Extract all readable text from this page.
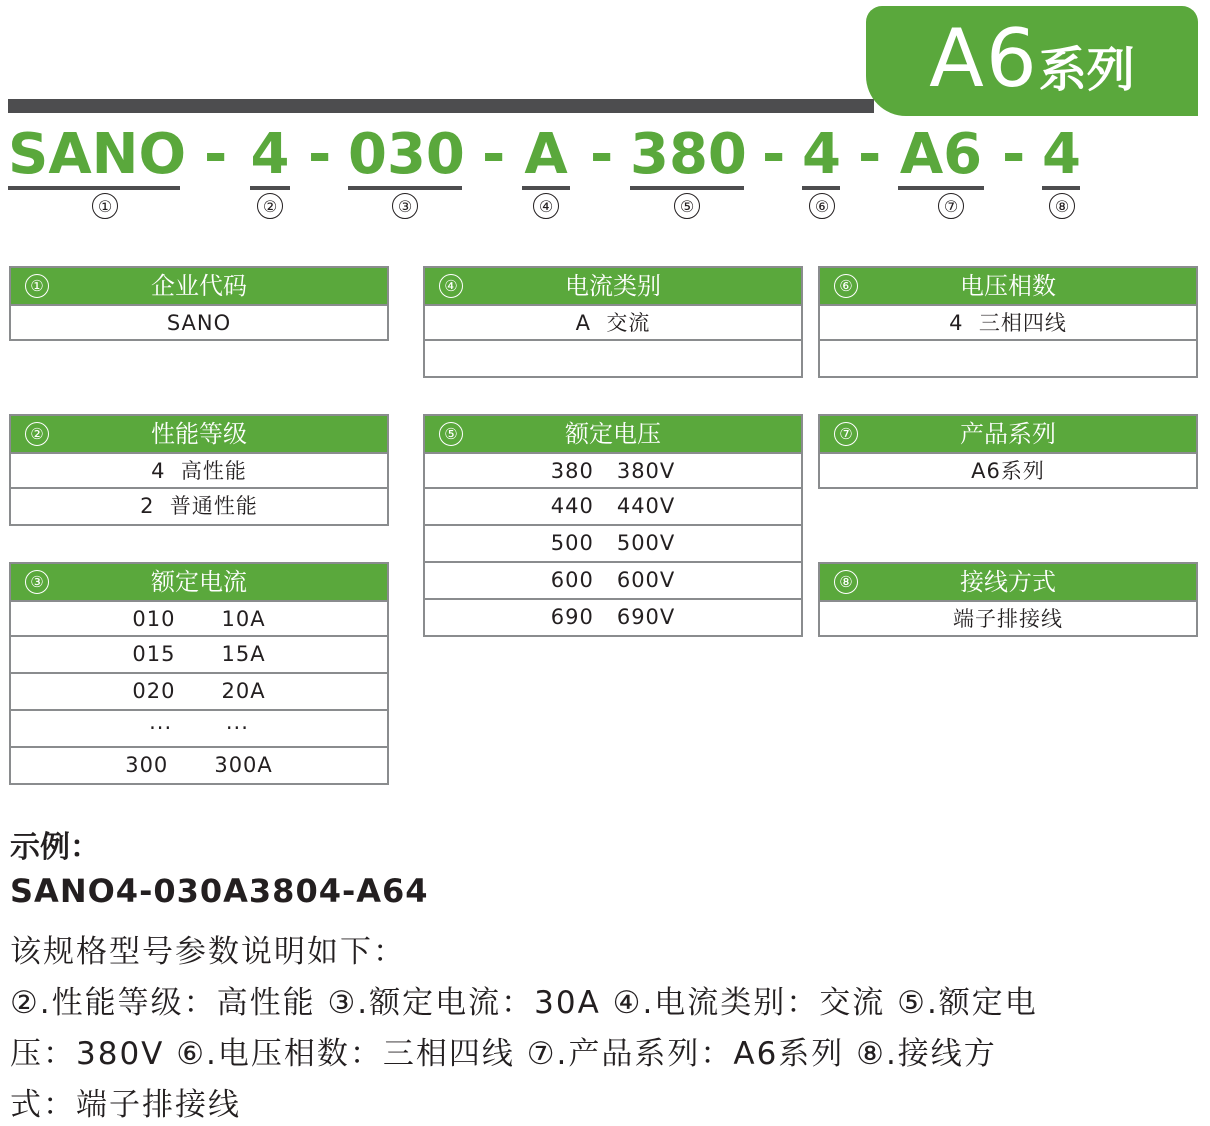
A6系列
SANO - 4 - 030 - A - 380 - 4 - A6 - 4
①	②	③	④	⑤	⑥	⑦	⑧
①	企业代码
SANO
②	性能等级
4  高性能
2  普通性能
③	额定电流
010      10A
015      15A
020      20A
···       ···
300      300A
④	电流类别
A  交流
⑤	额定电压
380   380V
440   440V
500   500V
600   600V
690   690V
⑥	电压相数
4  三相四线
⑦	产品系列
A6系列
⑧	接线方式
端子排接线
示例：
SANO4-030A3804-A64
该规格型号参数说明如下：
②.性能等级：高性能 ③.额定电流：30A ④.电流类别：交流 ⑤.额定电
压：380V ⑥.电压相数：三相四线 ⑦.产品系列：A6系列 ⑧.接线方
式：端子排接线
